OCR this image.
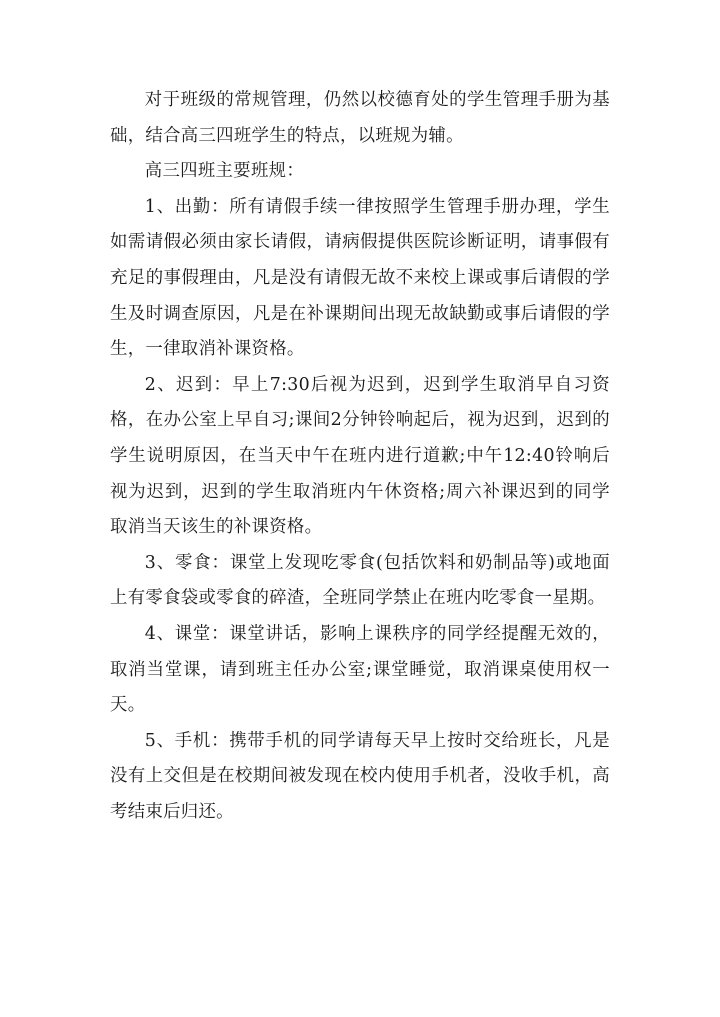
对于班级的常规管理，仍然以校德育处的学生管理手册为基础，结合高三四班学生的特点，以班规为辅。

高三四班主要班规：

1、出勤：所有请假手续一律按照学生管理手册办理，学生如需请假必须由家长请假，请病假提供医院诊断证明，请事假有充足的事假理由，凡是没有请假无故不来校上课或事后请假的学生及时调查原因，凡是在补课期间出现无故缺勤或事后请假的学生，一律取消补课资格。

2、迟到：早上7:30后视为迟到，迟到学生取消早自习资格，在办公室上早自习;课间2分钟铃响起后，视为迟到，迟到的学生说明原因，在当天中午在班内进行道歉;中午12:40铃响后视为迟到，迟到的学生取消班内午休资格;周六补课迟到的同学取消当天该生的补课资格。

3、零食：课堂上发现吃零食(包括饮料和奶制品等)或地面上有零食袋或零食的碎渣，全班同学禁止在班内吃零食一星期。

4、课堂：课堂讲话，影响上课秩序的同学经提醒无效的，取消当堂课，请到班主任办公室;课堂睡觉，取消课桌使用权一天。

5、手机：携带手机的同学请每天早上按时交给班长，凡是没有上交但是在校期间被发现在校内使用手机者，没收手机，高考结束后归还。
